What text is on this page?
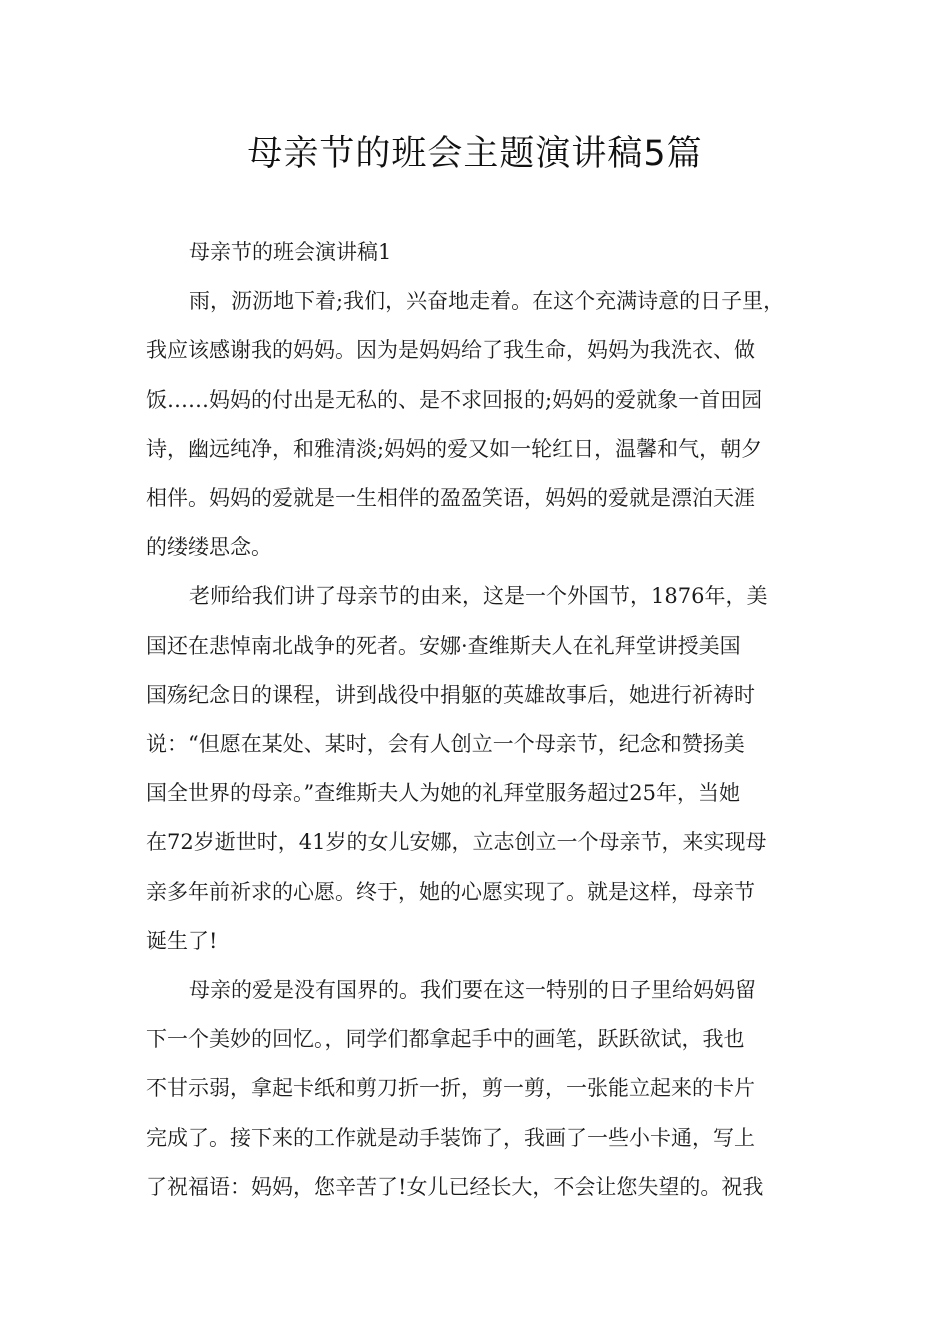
母亲节的班会主题演讲稿5篇

母亲节的班会演讲稿1

雨，沥沥地下着;我们，兴奋地走着。在这个充满诗意的日子里，
我应该感谢我的妈妈。因为是妈妈给了我生命，妈妈为我洗衣、做
饭……妈妈的付出是无私的、是不求回报的;妈妈的爱就象一首田园
诗，幽远纯净，和雅清淡;妈妈的爱又如一轮红日，温馨和气，朝夕
相伴。妈妈的爱就是一生相伴的盈盈笑语，妈妈的爱就是漂泊天涯
的缕缕思念。

老师给我们讲了母亲节的由来，这是一个外国节，1876年，美
国还在悲悼南北战争的死者。安娜·查维斯夫人在礼拜堂讲授美国
国殇纪念日的课程，讲到战役中捐躯的英雄故事后，她进行祈祷时
说：“但愿在某处、某时，会有人创立一个母亲节，纪念和赞扬美
国全世界的母亲。”查维斯夫人为她的礼拜堂服务超过25年，当她
在72岁逝世时，41岁的女儿安娜，立志创立一个母亲节，来实现母
亲多年前祈求的心愿。终于，她的心愿实现了。就是这样，母亲节
诞生了!

母亲的爱是没有国界的。我们要在这一特别的日子里给妈妈留
下一个美妙的回忆。，同学们都拿起手中的画笔，跃跃欲试，我也
不甘示弱，拿起卡纸和剪刀折一折，剪一剪，一张能立起来的卡片
完成了。接下来的工作就是动手装饰了，我画了一些小卡通，写上
了祝福语：妈妈，您辛苦了!女儿已经长大，不会让您失望的。祝我
